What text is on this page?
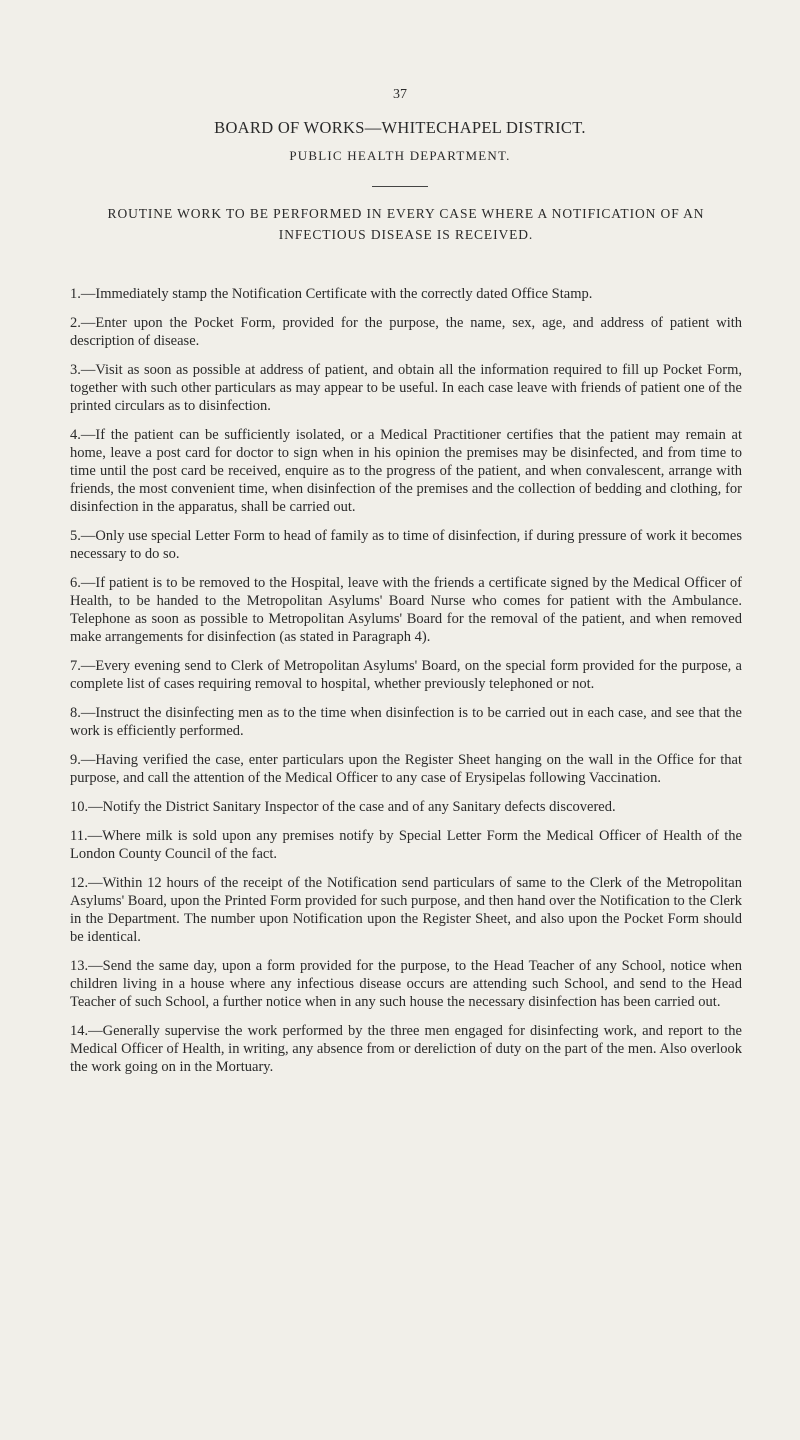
37
BOARD OF WORKS—WHITECHAPEL DISTRICT.
PUBLIC HEALTH DEPARTMENT.
ROUTINE WORK TO BE PERFORMED IN EVERY CASE WHERE A NOTIFICATION OF AN INFECTIOUS DISEASE IS RECEIVED.

1.—Immediately stamp the Notification Certificate with the correctly dated Office Stamp.

2.—Enter upon the Pocket Form, provided for the purpose, the name, sex, age, and address of patient with description of disease.

3.—Visit as soon as possible at address of patient, and obtain all the information required to fill up Pocket Form, together with such other particulars as may appear to be useful. In each case leave with friends of patient one of the printed circulars as to disinfection.

4.—If the patient can be sufficiently isolated, or a Medical Practitioner certifies that the patient may remain at home, leave a post card for doctor to sign when in his opinion the premises may be disinfected, and from time to time until the post card be received, enquire as to the progress of the patient, and when convalescent, arrange with friends, the most convenient time, when disinfection of the premises and the collection of bedding and clothing, for disinfection in the apparatus, shall be carried out.

5.—Only use special Letter Form to head of family as to time of disinfection, if during pressure of work it becomes necessary to do so.

6.—If patient is to be removed to the Hospital, leave with the friends a certificate signed by the Medical Officer of Health, to be handed to the Metropolitan Asylums' Board Nurse who comes for patient with the Ambulance. Telephone as soon as possible to Metropolitan Asylums' Board for the removal of the patient, and when removed make arrangements for disinfection (as stated in Paragraph 4).

7.—Every evening send to Clerk of Metropolitan Asylums' Board, on the special form provided for the purpose, a complete list of cases requiring removal to hospital, whether previously telephoned or not.

8.—Instruct the disinfecting men as to the time when disinfection is to be carried out in each case, and see that the work is efficiently performed.

9.—Having verified the case, enter particulars upon the Register Sheet hanging on the wall in the Office for that purpose, and call the attention of the Medical Officer to any case of Erysipelas following Vaccination.

10.—Notify the District Sanitary Inspector of the case and of any Sanitary defects discovered.

11.—Where milk is sold upon any premises notify by Special Letter Form the Medical Officer of Health of the London County Council of the fact.

12.—Within 12 hours of the receipt of the Notification send particulars of same to the Clerk of the Metropolitan Asylums' Board, upon the Printed Form provided for such purpose, and then hand over the Notification to the Clerk in the Department. The number upon Notification upon the Register Sheet, and also upon the Pocket Form should be identical.

13.—Send the same day, upon a form provided for the purpose, to the Head Teacher of any School, notice when children living in a house where any infectious disease occurs are attending such School, and send to the Head Teacher of such School, a further notice when in any such house the necessary disinfection has been carried out.

14.—Generally supervise the work performed by the three men engaged for disinfecting work, and report to the Medical Officer of Health, in writing, any absence from or dereliction of duty on the part of the men. Also overlook the work going on in the Mortuary.
